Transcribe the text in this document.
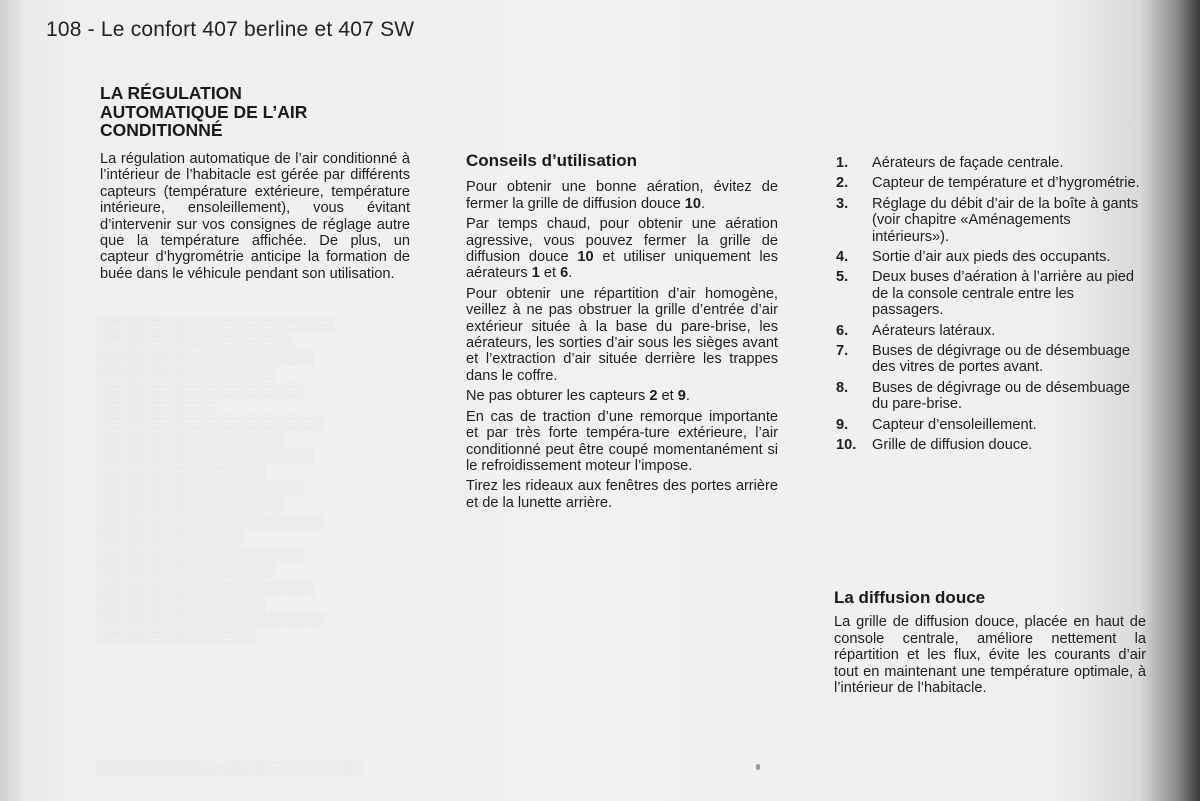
░░░░░░░░░░░░░░░░░░░░░░░░
░░░░░░░░░░░░░░░░░░░░
░░░░░░░░░░░░░░░░░░░░░░
░░░░░░░░░░░░░░░░░░
░░░░░░░░░░░░░░░░░░░░░
░░░░░░░░░░░░
░░░░░░░░░░░░░░░░░░░░░░░
░░░░░░░░░░░░░░░░░░░
░░░░░░░░░░░░░░░░░░░░░░
░░░░░░░░░░░░░░░░░
░░░░░░░░░░░░░░░░░░░░░
░░░░░░░░░░░░░░░░░░░
░░░░░░░░░░░░░░░░░░░░░░░
░░░░░░░░░░░░░░░
░░░░░░░░░░░░░░░░░░░░░
░░░░░░░░░░░░░░░░░░
░░░░░░░░░░░░░░░░░░░░░░
░░░░░░░░░░░░░░░░░
░░░░░░░░░░░░░░░░░░░░░░░
░░░░░░░░░░░░░░░░
108 - Le confort 407 berline et 407 SW
LA RÉGULATION
AUTOMATIQUE DE L’AIR
CONDITIONNÉ
La régulation automatique de l’air conditionné à l’intérieur de l’habitacle est gérée par différents capteurs (température extérieure, température intérieure, ensoleillement), vous évitant d’intervenir sur vos consignes de réglage autre que la température affichée. De plus, un capteur d’hygrométrie anticipe la formation de buée dans le véhicule pendant son utilisation.
Conseils d’utilisation

Pour obtenir une bonne aération, évitez de fermer la grille de diffusion douce 10.

Par temps chaud, pour obtenir une aération agressive, vous pouvez fermer la grille de diffusion douce 10 et utiliser uniquement les aérateurs 1 et 6.

Pour obtenir une répartition d’air homogène, veillez à ne pas obstruer la grille d’entrée d’air extérieur située à la base du pare-brise, les aérateurs, les sorties d’air sous les sièges avant et l’extraction d’air située derrière les trappes dans le coffre.

Ne pas obturer les capteurs 2 et 9.

En cas de traction d’une remorque importante et par très forte tempéra-ture extérieure, l’air conditionné peut être coupé momentanément si le refroidissement moteur l’impose.

Tirez les rideaux aux fenêtres des portes arrière et de la lunette arrière.

1.	Aérateurs de façade centrale.
2.	Capteur de température et d’hygrométrie.
3.	Réglage du débit d’air de la boîte à gants (voir chapitre «Aménagements intérieurs»).
4.	Sortie d’air aux pieds des occupants.
5.	Deux buses d’aération à l’arrière au pied de la console centrale entre les passagers.
6.	Aérateurs latéraux.
7.	Buses de dégivrage ou de désembuage des vitres de portes avant.
8.	Buses de dégivrage ou de désembuage du pare-brise.
9.	Capteur d’ensoleillement.
10.	Grille de diffusion douce.
La diffusion douce

La grille de diffusion douce, placée en haut de console centrale, améliore nettement la répartition et les flux, évite les courants d’air tout en maintenant une température optimale, à l’intérieur de l’habitacle.

░░░░░░░░░░░░░░░░░░░░░░░░░░░░░
